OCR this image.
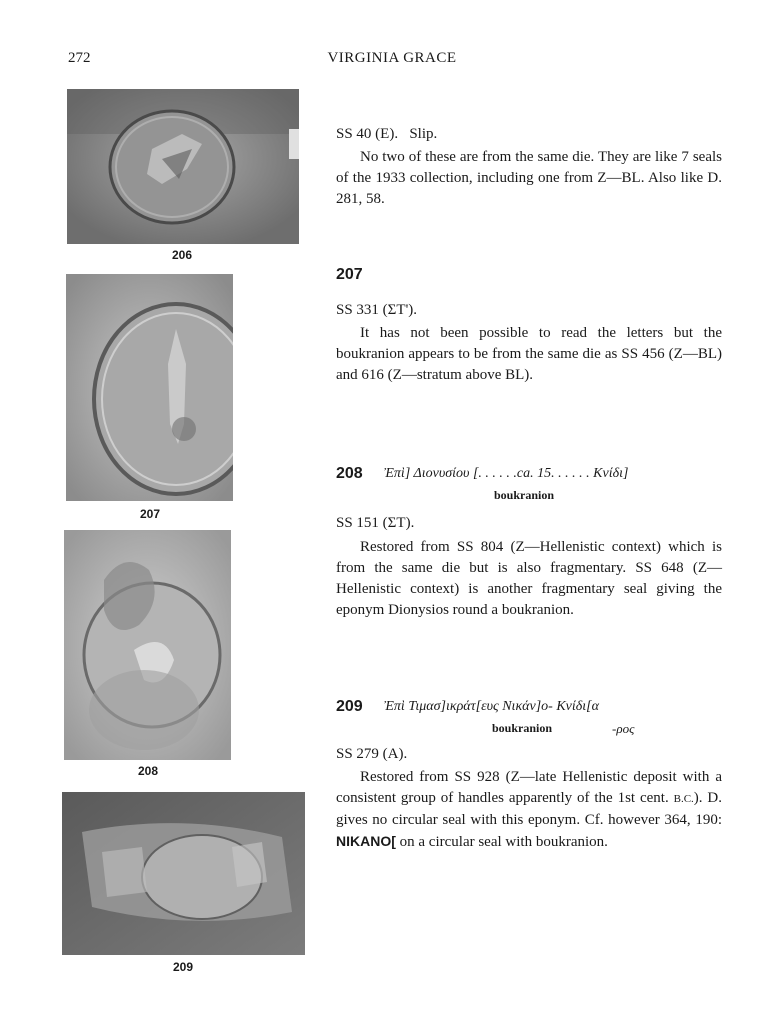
272	VIRGINIA GRACE
206
207
208
209
SS 40 (E).   Slip.

No two of these are from the same die. They are like 7 seals of the 1933 collection, including one from Z—BL. Also like D. 281, 58.

207
SS 331 (ΣΤ').

It has not been possible to read the letters but the boukranion appears to be from the same die as SS 456 (Z—BL) and 616 (Z—stratum above BL).

208 Ἐπὶ] Διονυσίου [. . . . . .ca. 15. . . . . . Κνίδι]
boukranion
SS 151 (ΣΤ).

Restored from SS 804 (Z—Hellenistic context) which is from the same die but is also fragmentary. SS 648 (Z—Hellenistic context) is another fragmentary seal giving the eponym Dionysios round a boukranion.

209 Ἐπὶ Τιμασ]ικράτ[ευς Νικάν]ο- Κνίδι[α
boukranion	-ρος
SS 279 (A).

Restored from SS 928 (Z—late Hellenistic deposit with a consistent group of handles apparently of the 1st cent. B.C.). D. gives no circular seal with this eponym. Cf. however 364, 190: NIKANO[ on a circular seal with boukranion.
